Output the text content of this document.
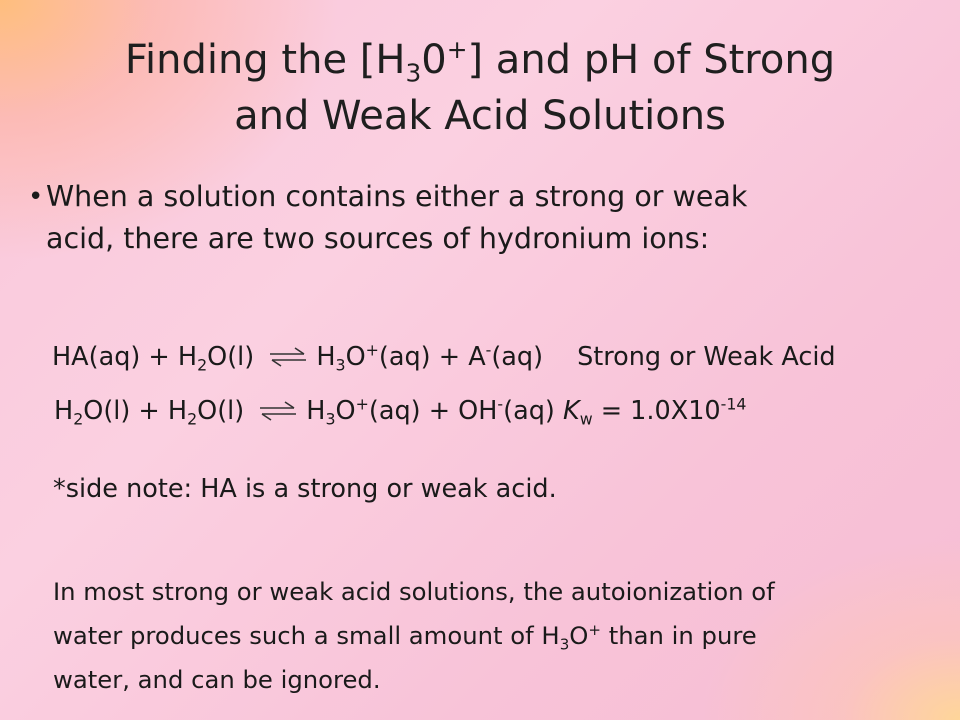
Finding the $[H_30^+]$ and pH of Strong
and Weak Acid Solutions
• When a solution contains either a strong or weak
acid, there are two sources of hydronium ions:
$HA(aq) + H_2O(l)$ ⇌ $H_3O^+(aq) + A^-(aq)$ Strong or Weak Acid
$H_2O(l) + H_2O(l)$ ⇌ $H_3O^+(aq) + OH^-(aq) K_w = 1.0X10^{-14}$
*side note: HA is a strong or weak acid.
In most strong or weak acid solutions, the autoionization of
water produces such a small amount of $H_3O^+$ than in pure
water, and can be ignored.
